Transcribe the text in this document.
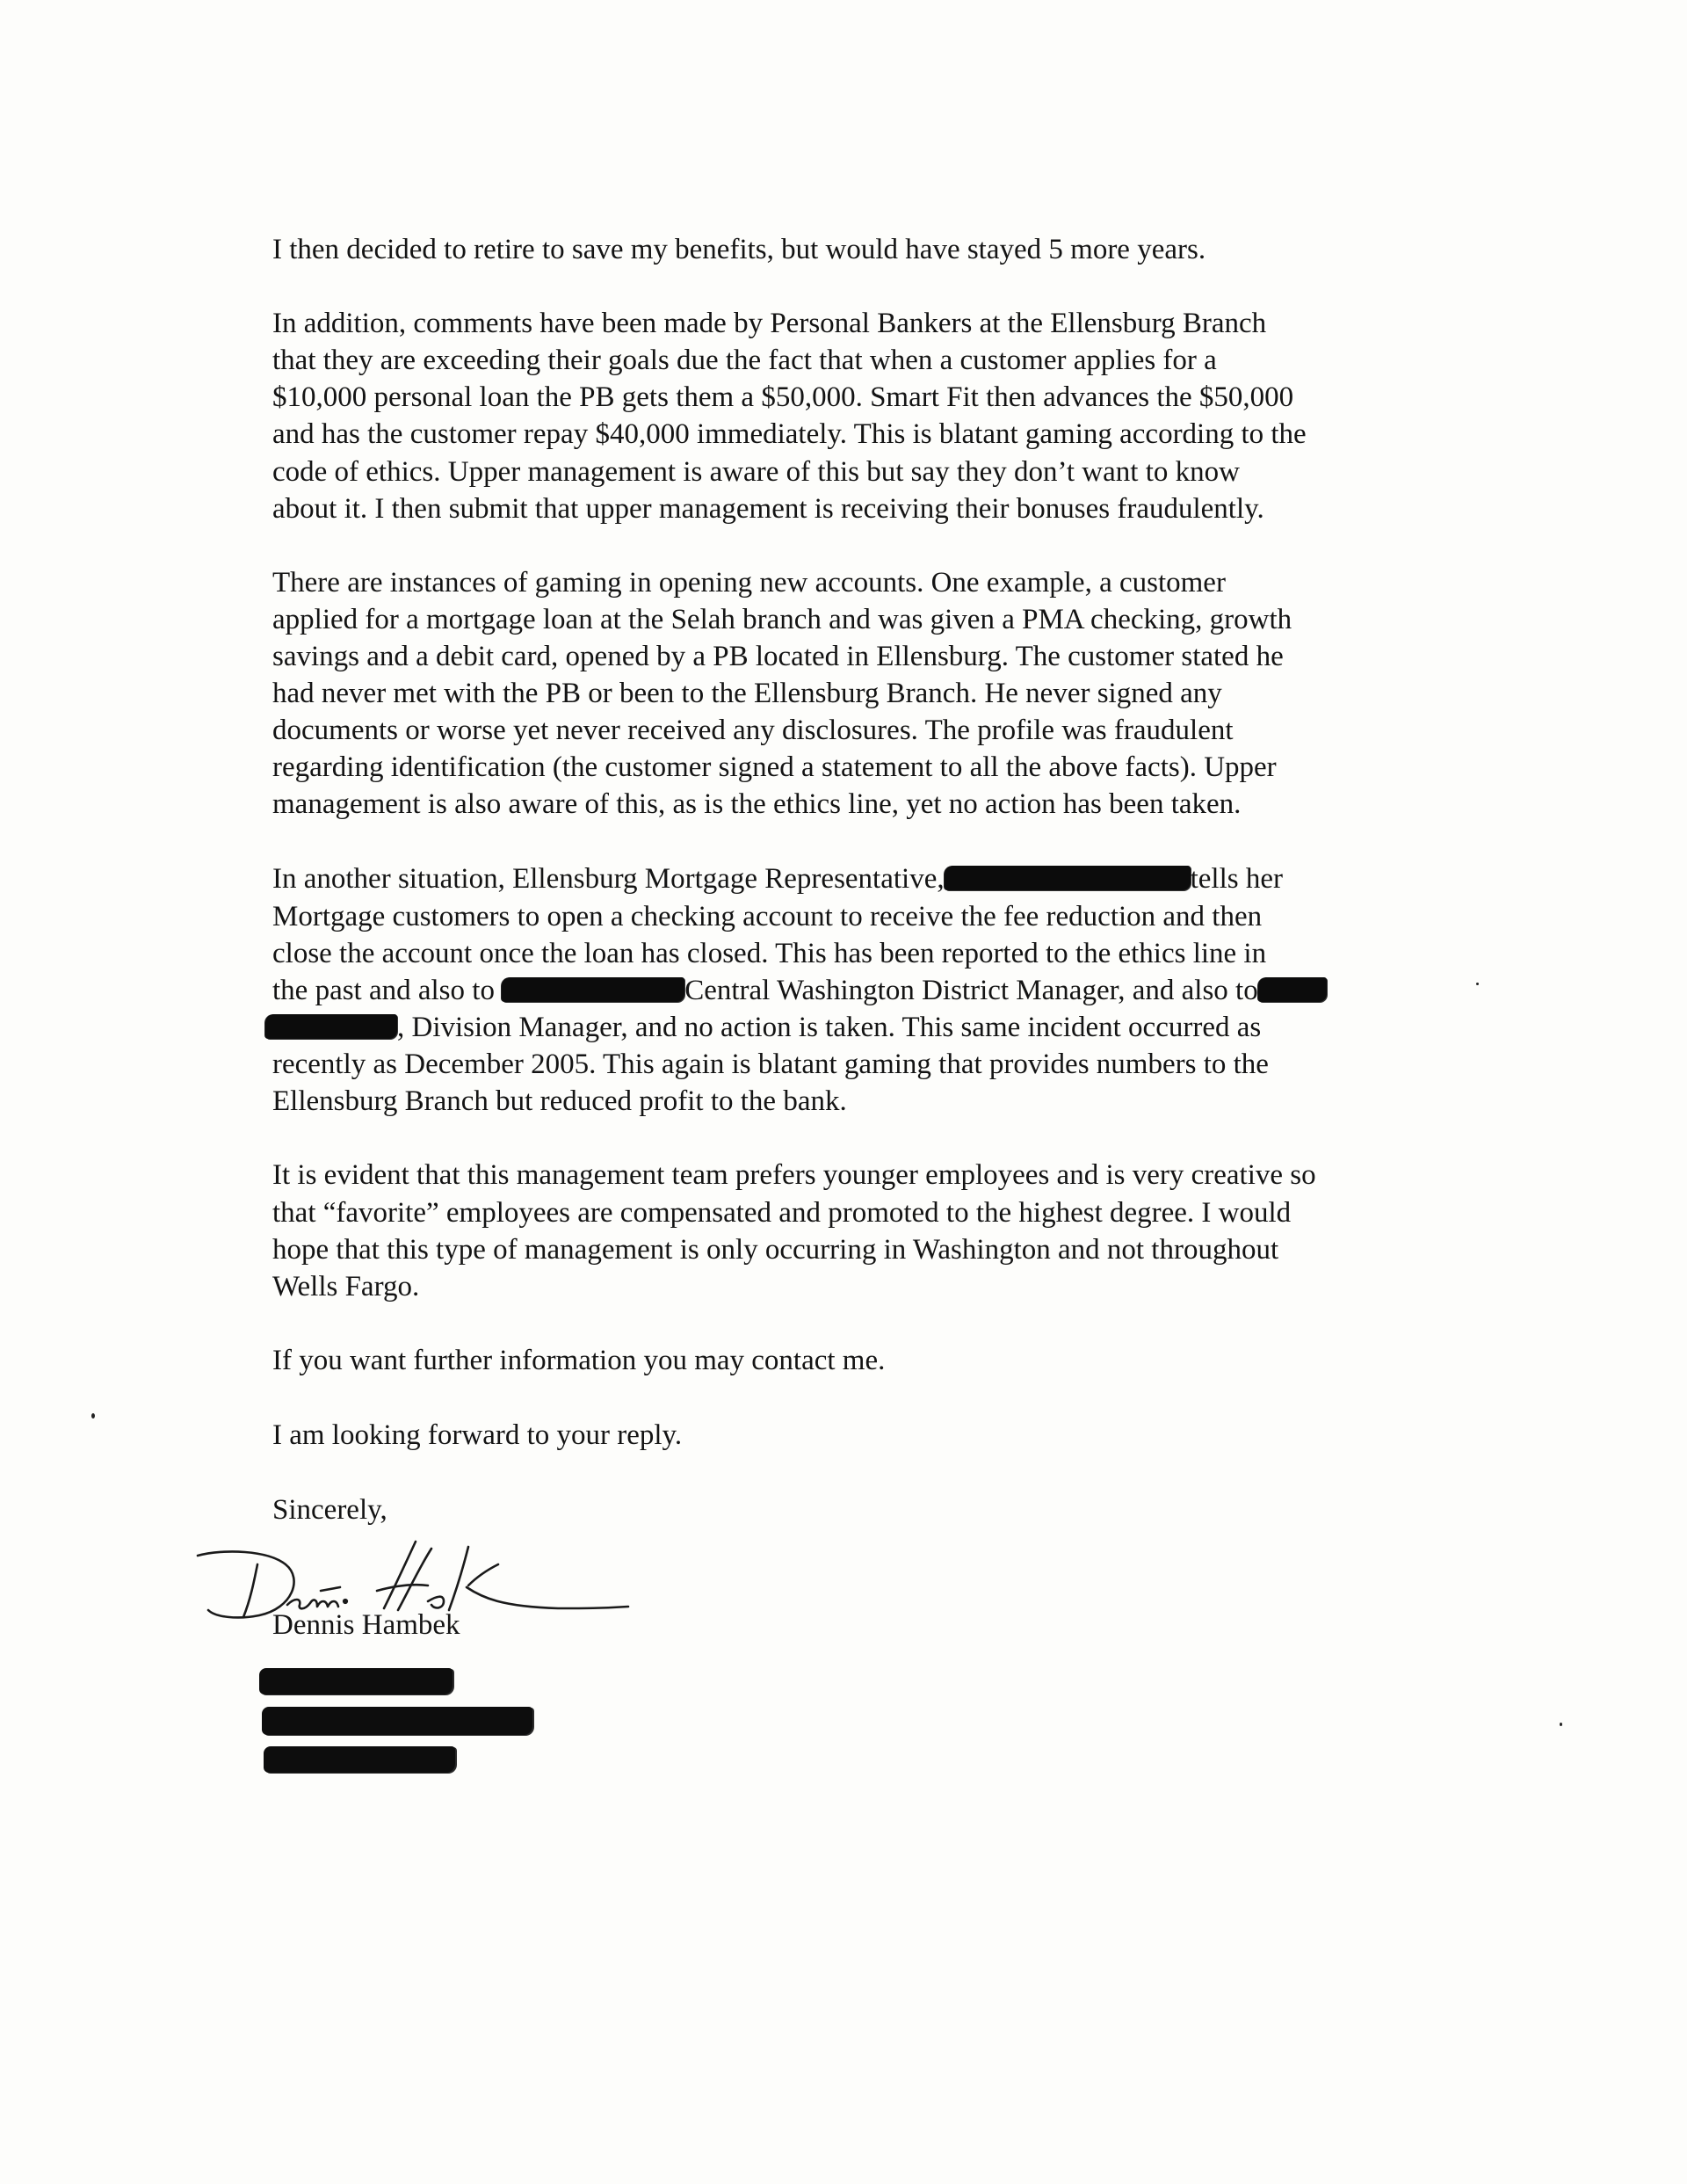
I then decided to retire to save my benefits, but would have stayed 5 more years.
In addition, comments have been made by Personal Bankers at the Ellensburg Branch
that they are exceeding their goals due the fact that when a customer applies for a
$10,000 personal loan the PB gets them a $50,000. Smart Fit then advances the $50,000
and has the customer repay $40,000 immediately. This is blatant gaming according to the
code of ethics. Upper management is aware of this but say they don’t want to know
about it. I then submit that upper management is receiving their bonuses fraudulently.
There are instances of gaming in opening new accounts. One example, a customer
applied for a mortgage loan at the Selah branch and was given a PMA checking, growth
savings and a debit card, opened by a PB located in Ellensburg. The customer stated he
had never met with the PB or been to the Ellensburg Branch. He never signed any
documents or worse yet never received any disclosures. The profile was fraudulent
regarding identification (the customer signed a statement to all the above facts). Upper
management is also aware of this, as is the ethics line, yet no action has been taken.
In another situation, Ellensburg Mortgage Representative,	tells her
Mortgage customers to open a checking account to receive the fee reduction and then
close the account once the loan has closed. This has been reported to the ethics line in
the past and also to	Central Washington District Manager, and also to
, Division Manager, and no action is taken. This same incident occurred as
recently as December 2005. This again is blatant gaming that provides numbers to the
Ellensburg Branch but reduced profit to the bank.
It is evident that this management team prefers younger employees and is very creative so
that “favorite” employees are compensated and promoted to the highest degree. I would
hope that this type of management is only occurring in Washington and not throughout
Wells Fargo.
If you want further information you may contact me.
I am looking forward to your reply.
Sincerely,
Dennis Hambek
